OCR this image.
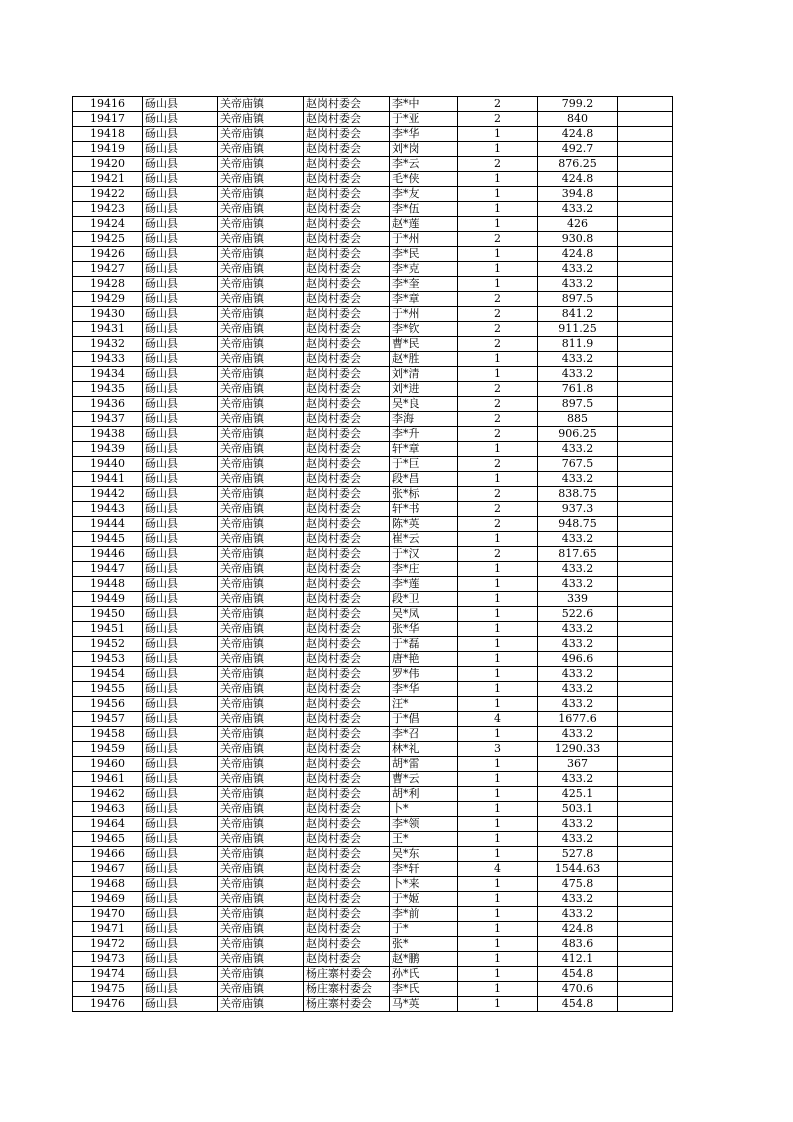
19416	砀山县	关帝庙镇	赵岗村委会	李*中	2	799.2	
19417	砀山县	关帝庙镇	赵岗村委会	于*亚	2	840	
19418	砀山县	关帝庙镇	赵岗村委会	李*华	1	424.8	
19419	砀山县	关帝庙镇	赵岗村委会	刘*岗	1	492.7	
19420	砀山县	关帝庙镇	赵岗村委会	李*云	2	876.25	
19421	砀山县	关帝庙镇	赵岗村委会	毛*侠	1	424.8	
19422	砀山县	关帝庙镇	赵岗村委会	李*友	1	394.8	
19423	砀山县	关帝庙镇	赵岗村委会	李*伍	1	433.2	
19424	砀山县	关帝庙镇	赵岗村委会	赵*莲	1	426	
19425	砀山县	关帝庙镇	赵岗村委会	于*州	2	930.8	
19426	砀山县	关帝庙镇	赵岗村委会	李*民	1	424.8	
19427	砀山县	关帝庙镇	赵岗村委会	李*克	1	433.2	
19428	砀山县	关帝庙镇	赵岗村委会	李*奎	1	433.2	
19429	砀山县	关帝庙镇	赵岗村委会	李*章	2	897.5	
19430	砀山县	关帝庙镇	赵岗村委会	于*州	2	841.2	
19431	砀山县	关帝庙镇	赵岗村委会	李*钦	2	911.25	
19432	砀山县	关帝庙镇	赵岗村委会	曹*民	2	811.9	
19433	砀山县	关帝庙镇	赵岗村委会	赵*胜	1	433.2	
19434	砀山县	关帝庙镇	赵岗村委会	刘*清	1	433.2	
19435	砀山县	关帝庙镇	赵岗村委会	刘*进	2	761.8	
19436	砀山县	关帝庙镇	赵岗村委会	吴*良	2	897.5	
19437	砀山县	关帝庙镇	赵岗村委会	李海	2	885	
19438	砀山县	关帝庙镇	赵岗村委会	李*升	2	906.25	
19439	砀山县	关帝庙镇	赵岗村委会	轩*章	1	433.2	
19440	砀山县	关帝庙镇	赵岗村委会	于*巨	2	767.5	
19441	砀山县	关帝庙镇	赵岗村委会	段*昌	1	433.2	
19442	砀山县	关帝庙镇	赵岗村委会	张*标	2	838.75	
19443	砀山县	关帝庙镇	赵岗村委会	轩*书	2	937.3	
19444	砀山县	关帝庙镇	赵岗村委会	陈*英	2	948.75	
19445	砀山县	关帝庙镇	赵岗村委会	崔*云	1	433.2	
19446	砀山县	关帝庙镇	赵岗村委会	于*汉	2	817.65	
19447	砀山县	关帝庙镇	赵岗村委会	李*庄	1	433.2	
19448	砀山县	关帝庙镇	赵岗村委会	李*莲	1	433.2	
19449	砀山县	关帝庙镇	赵岗村委会	段*卫	1	339	
19450	砀山县	关帝庙镇	赵岗村委会	吴*凤	1	522.6	
19451	砀山县	关帝庙镇	赵岗村委会	张*华	1	433.2	
19452	砀山县	关帝庙镇	赵岗村委会	于*磊	1	433.2	
19453	砀山县	关帝庙镇	赵岗村委会	唐*艳	1	496.6	
19454	砀山县	关帝庙镇	赵岗村委会	罗*伟	1	433.2	
19455	砀山县	关帝庙镇	赵岗村委会	李*华	1	433.2	
19456	砀山县	关帝庙镇	赵岗村委会	汪*	1	433.2	
19457	砀山县	关帝庙镇	赵岗村委会	于*倡	4	1677.6	
19458	砀山县	关帝庙镇	赵岗村委会	李*召	1	433.2	
19459	砀山县	关帝庙镇	赵岗村委会	林*礼	3	1290.33	
19460	砀山县	关帝庙镇	赵岗村委会	胡*雷	1	367	
19461	砀山县	关帝庙镇	赵岗村委会	曹*云	1	433.2	
19462	砀山县	关帝庙镇	赵岗村委会	胡*利	1	425.1	
19463	砀山县	关帝庙镇	赵岗村委会	卜*	1	503.1	
19464	砀山县	关帝庙镇	赵岗村委会	李*领	1	433.2	
19465	砀山县	关帝庙镇	赵岗村委会	王*	1	433.2	
19466	砀山县	关帝庙镇	赵岗村委会	吴*东	1	527.8	
19467	砀山县	关帝庙镇	赵岗村委会	李*轩	4	1544.63	
19468	砀山县	关帝庙镇	赵岗村委会	卜*来	1	475.8	
19469	砀山县	关帝庙镇	赵岗村委会	于*姬	1	433.2	
19470	砀山县	关帝庙镇	赵岗村委会	李*前	1	433.2	
19471	砀山县	关帝庙镇	赵岗村委会	于*	1	424.8	
19472	砀山县	关帝庙镇	赵岗村委会	张*	1	483.6	
19473	砀山县	关帝庙镇	赵岗村委会	赵*鹏	1	412.1	
19474	砀山县	关帝庙镇	杨庄寨村委会	孙*氏	1	454.8	
19475	砀山县	关帝庙镇	杨庄寨村委会	李*氏	1	470.6	
19476	砀山县	关帝庙镇	杨庄寨村委会	马*英	1	454.8	
